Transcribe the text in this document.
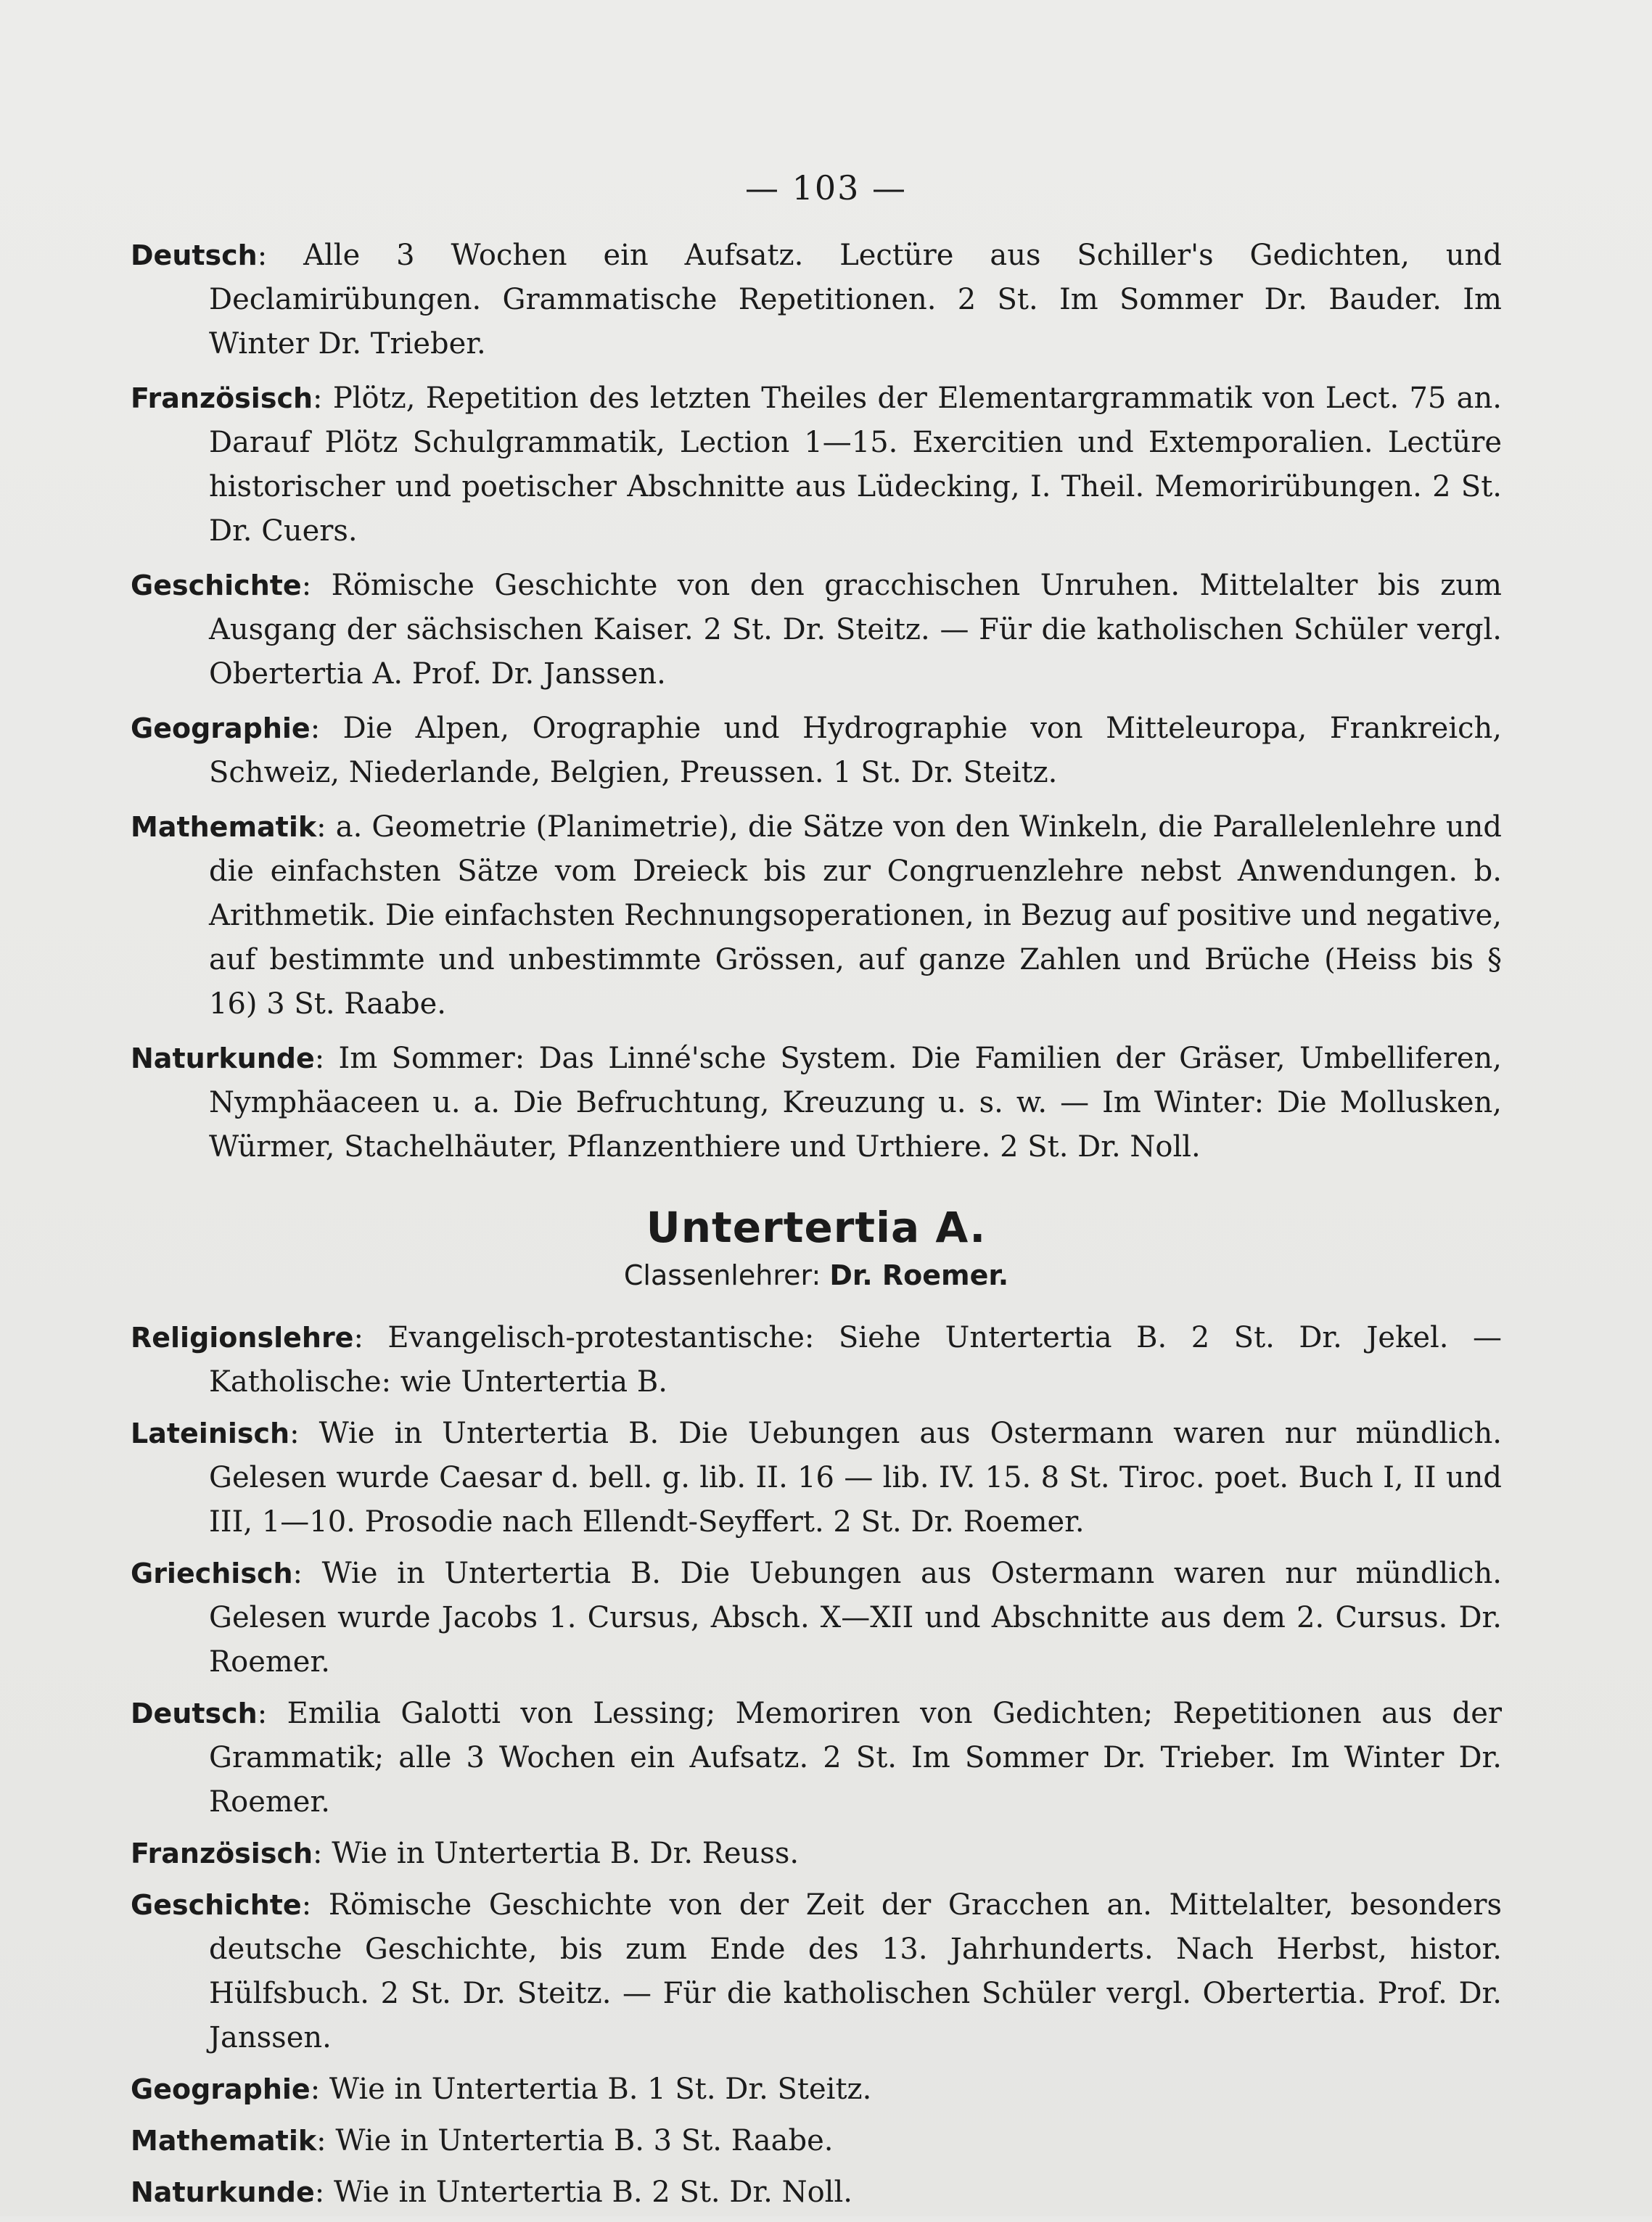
— 103 —
Deutsch: Alle 3 Wochen ein Aufsatz. Lectüre aus Schiller's Gedichten, und Declamirübungen. Grammatische Repetitionen. 2 St. Im Sommer Dr. Bauder. Im Winter Dr. Trieber.
Französisch: Plötz, Repetition des letzten Theiles der Elementargrammatik von Lect. 75 an. Darauf Plötz Schulgrammatik, Lection 1—15. Exercitien und Extemporalien. Lectüre historischer und poetischer Abschnitte aus Lüdecking, I. Theil. Memorirübungen. 2 St. Dr. Cuers.
Geschichte: Römische Geschichte von den gracchischen Unruhen. Mittelalter bis zum Ausgang der sächsischen Kaiser. 2 St. Dr. Steitz. — Für die katholischen Schüler vergl. Obertertia A. Prof. Dr. Janssen.
Geographie: Die Alpen, Orographie und Hydrographie von Mitteleuropa, Frankreich, Schweiz, Niederlande, Belgien, Preussen. 1 St. Dr. Steitz.
Mathematik: a. Geometrie (Planimetrie), die Sätze von den Winkeln, die Parallelenlehre und die einfachsten Sätze vom Dreieck bis zur Congruenzlehre nebst Anwendungen. b. Arithmetik. Die einfachsten Rechnungsoperationen, in Bezug auf positive und negative, auf bestimmte und unbestimmte Grössen, auf ganze Zahlen und Brüche (Heiss bis § 16) 3 St. Raabe.
Naturkunde: Im Sommer: Das Linné'sche System. Die Familien der Gräser, Umbelliferen, Nymphäaceen u. a. Die Befruchtung, Kreuzung u. s. w. — Im Winter: Die Mollusken, Würmer, Stachelhäuter, Pflanzenthiere und Urthiere. 2 St. Dr. Noll.
Untertertia A.
Classenlehrer: Dr. Roemer.
Religionslehre: Evangelisch-protestantische: Siehe Untertertia B. 2 St. Dr. Jekel. — Katholische: wie Untertertia B.
Lateinisch: Wie in Untertertia B. Die Uebungen aus Ostermann waren nur mündlich. Gelesen wurde Caesar d. bell. g. lib. II. 16 — lib. IV. 15. 8 St. Tiroc. poet. Buch I, II und III, 1—10. Prosodie nach Ellendt-Seyffert. 2 St. Dr. Roemer.
Griechisch: Wie in Untertertia B. Die Uebungen aus Ostermann waren nur mündlich. Gelesen wurde Jacobs 1. Cursus, Absch. X—XII und Abschnitte aus dem 2. Cursus. Dr. Roemer.
Deutsch: Emilia Galotti von Lessing; Memoriren von Gedichten; Repetitionen aus der Grammatik; alle 3 Wochen ein Aufsatz. 2 St. Im Sommer Dr. Trieber. Im Winter Dr. Roemer.
Französisch: Wie in Untertertia B. Dr. Reuss.
Geschichte: Römische Geschichte von der Zeit der Gracchen an. Mittelalter, besonders deutsche Geschichte, bis zum Ende des 13. Jahrhunderts. Nach Herbst, histor. Hülfsbuch. 2 St. Dr. Steitz. — Für die katholischen Schüler vergl. Obertertia. Prof. Dr. Janssen.
Geographie: Wie in Untertertia B. 1 St. Dr. Steitz.
Mathematik: Wie in Untertertia B. 3 St. Raabe.
Naturkunde: Wie in Untertertia B. 2 St. Dr. Noll.
